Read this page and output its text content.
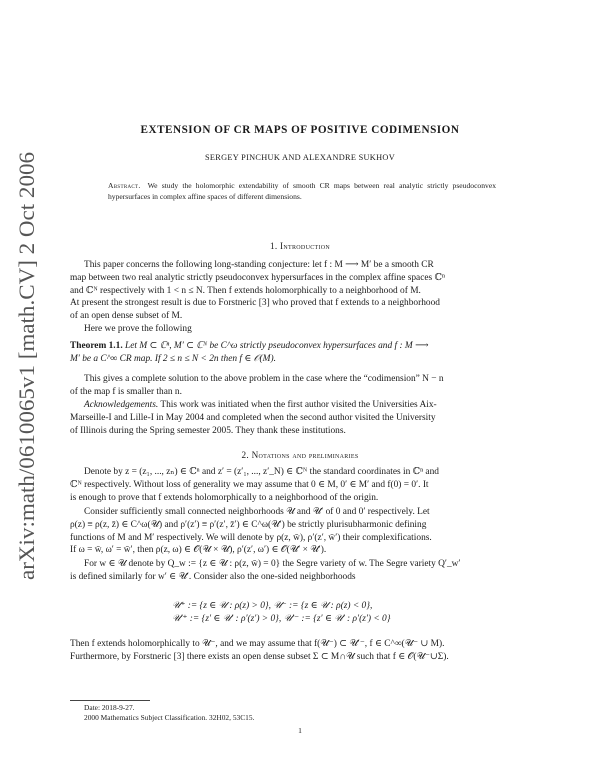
arXiv:math/0610065v1 [math.CV] 2 Oct 2006
EXTENSION OF CR MAPS OF POSITIVE CODIMENSION
SERGEY PINCHUK AND ALEXANDRE SUKHOV
Abstract. We study the holomorphic extendability of smooth CR maps between real analytic strictly pseudoconvex hypersurfaces in complex affine spaces of different dimensions.
1. Introduction
This paper concerns the following long-standing conjecture: let f : M ⟶ M′ be a smooth CR
map between two real analytic strictly pseudoconvex hypersurfaces in the complex affine spaces ℂⁿ
and ℂᴺ respectively with 1 < n ≤ N. Then f extends holomorphically to a neighborhood of M.
At present the strongest result is due to Forstneric [3] who proved that f extends to a neighborhood
of an open dense subset of M.
Here we prove the following
Theorem 1.1. Let M ⊂ ℂⁿ, M′ ⊂ ℂᴺ be C^ω strictly pseudoconvex hypersurfaces and f : M ⟶
M′ be a C^∞ CR map. If 2 ≤ n ≤ N < 2n then f ∈ 𝒪(M).
This gives a complete solution to the above problem in the case where the “codimension” N − n
of the map f is smaller than n.
Acknowledgements. This work was initiated when the first author visited the Universities Aix-
Marseille-I and Lille-I in May 2004 and completed when the second author visited the University
of Illinois during the Spring semester 2005. They thank these institutions.
2. Notations and preliminaries
Denote by z = (z₁, ..., zₙ) ∈ ℂⁿ and z′ = (z′₁, ..., z′_N) ∈ ℂᴺ the standard coordinates in ℂⁿ and
ℂᴺ respectively. Without loss of generality we may assume that 0 ∈ M, 0′ ∈ M′ and f(0) = 0′. It
is enough to prove that f extends holomorphically to a neighborhood of the origin.
Consider sufficiently small connected neighborhoods 𝒰 and 𝒰′ of 0 and 0′ respectively. Let
ρ(z) ≡ ρ(z, z̄) ∈ C^ω(𝒰) and ρ′(z′) ≡ ρ′(z′, z̄′) ∈ C^ω(𝒰′) be strictly plurisubharmonic defining
functions of M and M′ respectively. We will denote by ρ(z, w̄), ρ′(z′, w̄′) their complexifications.
If ω = w̄, ω′ = w̄′, then ρ(z, ω) ∈ 𝒪(𝒰 × 𝒰), ρ′(z′, ω′) ∈ 𝒪(𝒰′ × 𝒰′).
For w ∈ 𝒰 denote by Q_w := {z ∈ 𝒰 : ρ(z, w̄) = 0} the Segre variety of w. The Segre variety Q′_w′
is defined similarly for w′ ∈ 𝒰′. Consider also the one-sided neighborhoods
𝒰⁺ := {z ∈ 𝒰 : ρ(z) > 0}, 𝒰⁻ := {z ∈ 𝒰 : ρ(z) < 0},
𝒰′⁺ := {z′ ∈ 𝒰′ : ρ′(z′) > 0}, 𝒰′⁻ := {z′ ∈ 𝒰′ : ρ′(z′) < 0}
Then f extends holomorphically to 𝒰⁻, and we may assume that f(𝒰⁻) ⊂ 𝒰′⁻, f ∈ C^∞(𝒰⁻ ∪ M).
Furthermore, by Forstneric [3] there exists an open dense subset Σ ⊂ M∩𝒰 such that f ∈ 𝒪(𝒰⁻∪Σ).
Date: 2018-9-27.
2000 Mathematics Subject Classification. 32H02, 53C15.
1
